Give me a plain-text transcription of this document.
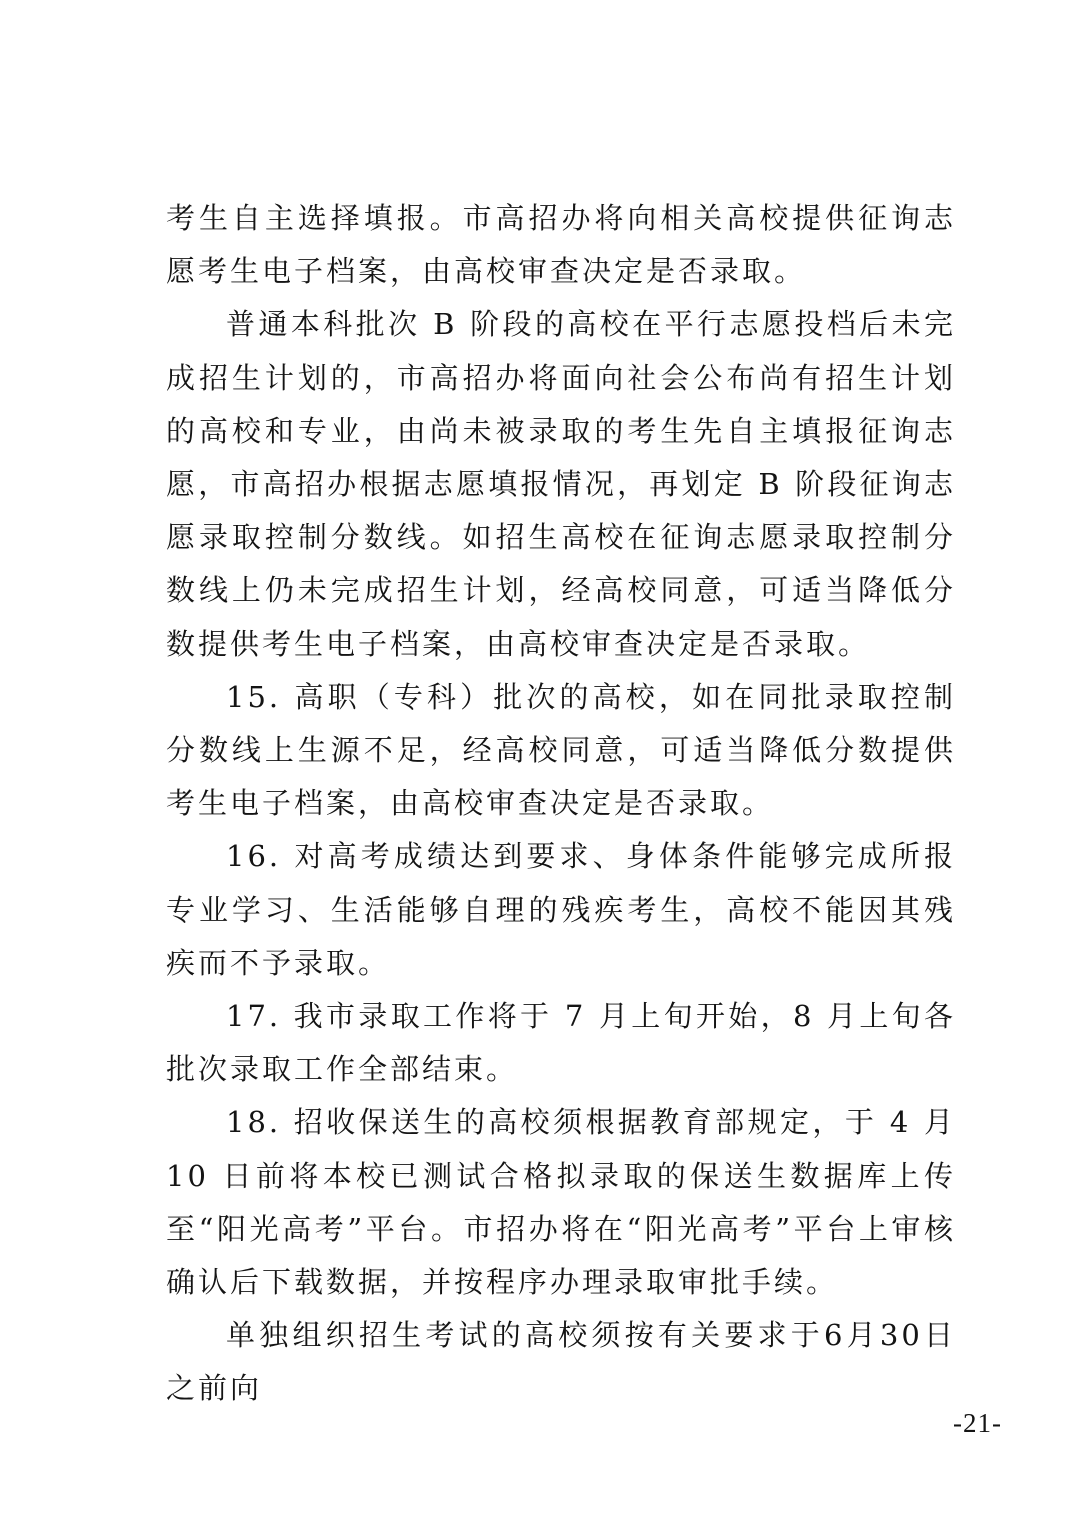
考生自主选择填报。市高招办将向相关高校提供征询志愿考生电子档案，由高校审查决定是否录取。

普通本科批次 B 阶段的高校在平行志愿投档后未完成招生计划的，市高招办将面向社会公布尚有招生计划的高校和专业，由尚未被录取的考生先自主填报征询志愿，市高招办根据志愿填报情况，再划定 B 阶段征询志愿录取控制分数线。如招生高校在征询志愿录取控制分数线上仍未完成招生计划，经高校同意，可适当降低分数提供考生电子档案，由高校审查决定是否录取。

15. 高职（专科）批次的高校，如在同批录取控制分数线上生源不足，经高校同意，可适当降低分数提供考生电子档案，由高校审查决定是否录取。

16. 对高考成绩达到要求、身体条件能够完成所报专业学习、生活能够自理的残疾考生，高校不能因其残疾而不予录取。

17. 我市录取工作将于 7 月上旬开始，8 月上旬各批次录取工作全部结束。

18. 招收保送生的高校须根据教育部规定，于 4 月 10 日前将本校已测试合格拟录取的保送生数据库上传至“阳光高考”平台。市招办将在“阳光高考”平台上审核确认后下载数据，并按程序办理录取审批手续。

单独组织招生考试的高校须按有关要求于6月30日之前向

-21-
